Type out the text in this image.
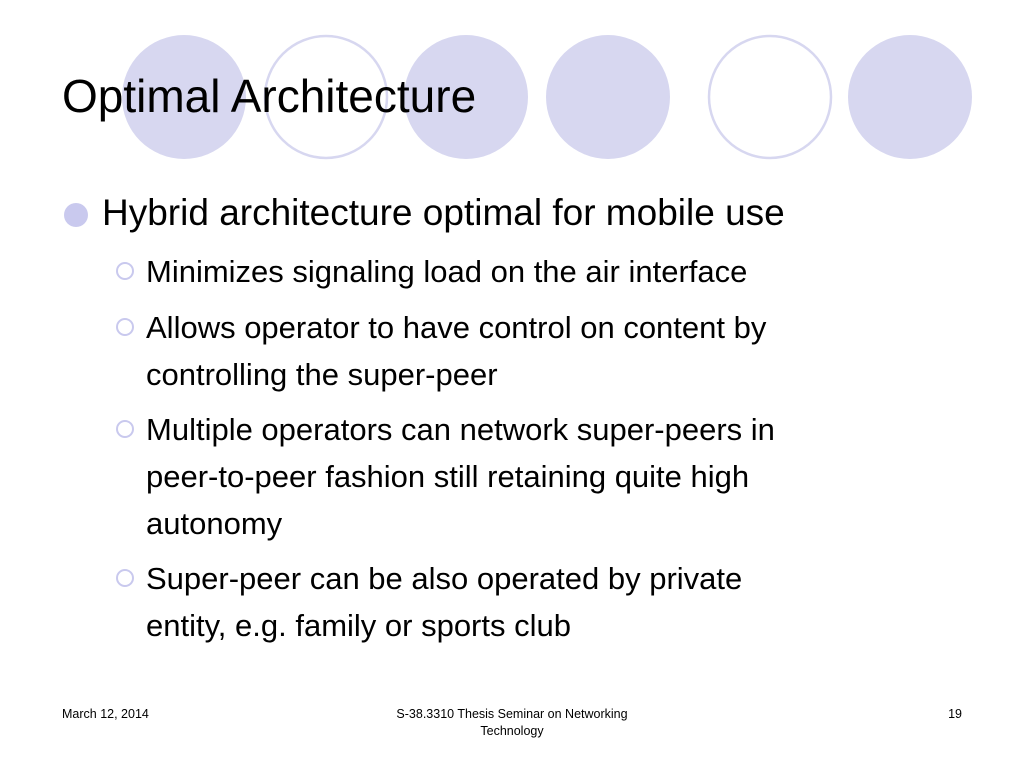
Optimal Architecture
Hybrid architecture optimal for mobile use
Minimizes signaling load on the air interface
Allows operator to have control on content by
controlling the super-peer
Multiple operators can network super-peers in
peer-to-peer fashion still retaining quite high
autonomy
Super-peer can be also operated by private
entity, e.g. family or sports club
March 12, 2014	S-38.3310 Thesis Seminar on Networking
Technology
19
